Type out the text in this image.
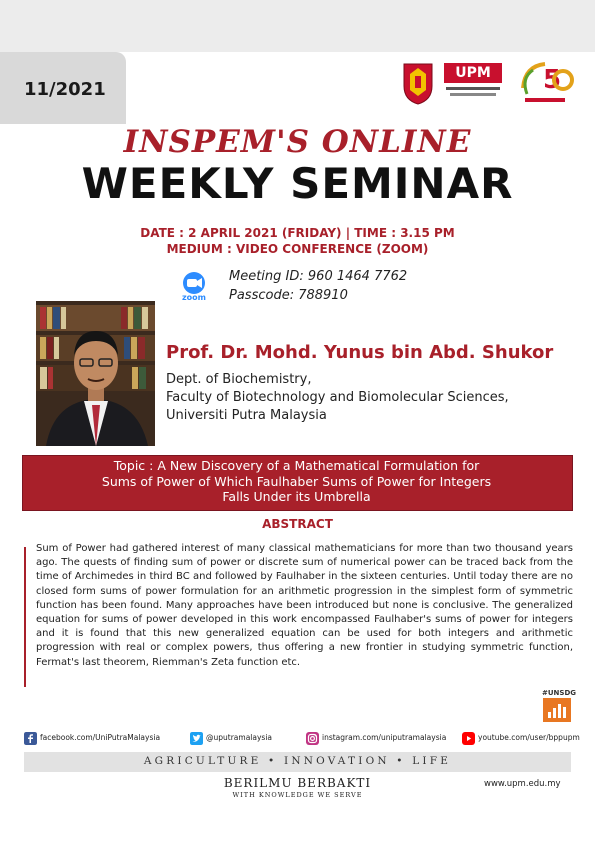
11/2021
UPM	5
INSPEM'S ONLINE
WEEKLY SEMINAR
DATE : 2 APRIL 2021 (FRIDAY) | TIME : 3.15 PM
MEDIUM : VIDEO CONFERENCE (ZOOM)
zoom
Meeting ID: 960 1464 7762
Passcode: 788910
Prof. Dr. Mohd. Yunus bin Abd. Shukor
Dept. of Biochemistry,
Faculty of Biotechnology and Biomolecular Sciences,
Universiti Putra Malaysia
Topic : A New Discovery of a Mathematical Formulation for
Sums of Power of Which Faulhaber Sums of Power for Integers
Falls Under its Umbrella
ABSTRACT
Sum of Power had gathered interest of many classical mathematicians for more than two thousand years ago. The quests of finding sum of power or discrete sum of numerical power can be traced back from the time of Archimedes in third BC and followed by Faulhaber in the sixteen centuries. Until today there are no closed form sums of power formulation for an arithmetic progression in the simplest form of symmetric function has been found. Many approaches have been introduced but none is conclusive. The generalized equation for sums of power developed in this work encompassed Faulhaber's sums of power for integers and it is found that this new generalized equation can be used for both integers and arithmetic progression with real or complex powers, thus offering a new frontier in studying symmetric function, Fermat's last theorem, Riemman's Zeta function etc.
#UNSDG
facebook.com/UniPutraMalaysia	@uputramalaysia	instagram.com/uniputramalaysia	youtube.com/user/bppupm
AGRICULTURE • INNOVATION • LIFE
BERILMU BERBAKTI
WITH KNOWLEDGE WE SERVE
www.upm.edu.my
